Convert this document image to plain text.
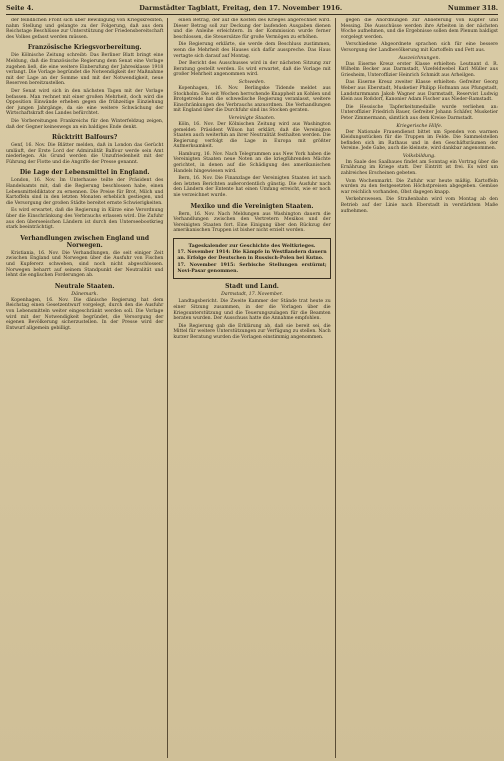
Seite 4.	Darmstädter Tagblatt, Freitag, den 17. November 1916.	Nummer 318.

der feindlichen Front sich über Bewilligung von Kriegskrediten, nahm Stellung und gelangte zu der Folgerung, daß aus dem Reichstage Beschlüsse zur Unterstützung der Friedensbereitschaft des Volkes gefasst werden müssen.

Französische Kriegsvorbereitung.

Die Kölnische Zeitung schreibt: Das Berliner Blatt bringt eine Meldung, daß die französische Regierung dem Senat eine Vorlage zugehen ließ, die eine weitere Einberufung der Jahresklasse 1918 verlangt. Die Vorlage begründet die Notwendigkeit der Maßnahme mit der Lage an der Somme und mit der Notwendigkeit, neue Reserven bereitzustellen.

Der Senat wird sich in den nächsten Tagen mit der Vorlage befassen. Man rechnet mit einer großen Mehrheit, doch wird die Opposition Einwände erheben gegen die frühzeitige Einziehung der jungen Jahrgänge, da sie eine weitere Schwächung der Wirtschaftskraft des Landes befürchtet.

Die Vorbereitungen Frankreichs für den Winterfeldzug zeigen, daß der Gegner keineswegs an ein baldiges Ende denkt.

Rücktritt Balfours?

Genf, 16. Nov. Die Blätter melden, daß in London das Gerücht umläuft, der Erste Lord der Admiralität Balfour werde sein Amt niederlegen. Als Grund werden die Unzufriedenheit mit der Führung der Flotte und die Angriffe der Presse genannt.

Die Lage der Lebensmittel in England.

London, 16. Nov. Im Unterhause teilte der Präsident des Handelsamts mit, daß die Regierung beschlossen habe, einen Lebensmitteldiktator zu ernennen. Die Preise für Brot, Milch und Kartoffeln sind in den letzten Monaten erheblich gestiegen, und die Versorgung der großen Städte bereitet ernste Schwierigkeiten.

Es wird erwartet, daß die Regierung in Kürze eine Verordnung über die Einschränkung des Verbrauchs erlassen wird. Die Zufuhr aus den überseeischen Ländern ist durch den Unterseebootkrieg stark beeinträchtigt.

Verhandlungen zwischen England und Norwegen.

Kristiania, 16. Nov. Die Verhandlungen, die seit einiger Zeit zwischen England und Norwegen über die Ausfuhr von Fischen und Kupfererz schweben, sind noch nicht abgeschlossen. Norwegen beharrt auf seinem Standpunkt der Neutralität und lehnt die englischen Forderungen ab.

Neutrale Staaten.
Dänemark.

Kopenhagen, 16. Nov. Die dänische Regierung hat dem Reichstag einen Gesetzentwurf vorgelegt, durch den die Ausfuhr von Lebensmitteln weiter eingeschränkt werden soll. Die Vorlage wird mit der Notwendigkeit begründet, die Versorgung der eigenen Bevölkerung sicherzustellen. In der Presse wird der Entwurf allgemein gebilligt.

einen Betrag, der auf die Kosten des Krieges angerechnet wird. Dieser Betrag soll zur Deckung der laufenden Ausgaben dienen und die Anleihe erleichtern. In der Kommission wurde ferner beschlossen, die Steuersätze für große Vermögen zu erhöhen.

Die Regierung erklärte, sie werde dem Beschluss zustimmen, wenn die Mehrheit des Hauses sich dafür ausspreche. Das Haus vertagte sich darauf auf Montag.

Der Bericht des Ausschusses wird in der nächsten Sitzung zur Beratung gestellt werden. Es wird erwartet, daß die Vorlage mit großer Mehrheit angenommen wird.

Schweden.

Kopenhagen, 16. Nov. Berlingske Tidende meldet aus Stockholm: Die seit Wochen herrschende Knappheit an Kohlen und Brotgetreide hat die schwedische Regierung veranlasst, weitere Einschränkungen des Verbrauchs anzuordnen. Die Verhandlungen mit England über die Durchfuhr sind ins Stocken geraten.

Vereinigte Staaten.

Köln, 16. Nov. Der Kölnischen Zeitung wird aus Washington gemeldet: Präsident Wilson hat erklärt, daß die Vereinigten Staaten auch weiterhin an ihrer Neutralität festhalten werden. Die Regierung verfolgt die Lage in Europa mit größter Aufmerksamkeit.

Hamburg, 16. Nov. Nach Telegrammen aus New York haben die Vereinigten Staaten neue Noten an die kriegführenden Mächte gerichtet, in denen auf die Schädigung des amerikanischen Handels hingewiesen wird.

Bern, 16. Nov. Die Finanzlage der Vereinigten Staaten ist nach den letzten Berichten außerordentlich günstig. Die Ausfuhr nach den Ländern der Entente hat einen Umfang erreicht, wie er noch nie verzeichnet wurde.

Mexiko und die Vereinigten Staaten.

Bern, 16. Nov. Nach Meldungen aus Washington dauern die Verhandlungen zwischen den Vertretern Mexikos und der Vereinigten Staaten fort. Eine Einigung über den Rückzug der amerikanischen Truppen ist bisher nicht erzielt worden.

Tageskalender zur Geschichte des Weltkrieges.

17. November 1914: Die Kämpfe in Westflandern dauern an. Erfolge der Deutschen in Russisch-Polen bei Kutno.

17. November 1915: Serbische Stellungen erstürmt; Novi-Pasar genommen.

Stadt und Land.
Darmstadt, 17. November.

Landtagsbericht. Die Zweite Kammer der Stände trat heute zu einer Sitzung zusammen, in der die Vorlagen über die Kriegsunterstützung und die Teuerungszulagen für die Beamten beraten wurden. Der Ausschuss hatte die Annahme empfohlen.

Die Regierung gab die Erklärung ab, daß sie bereit sei, die Mittel für weitere Unterstützungen zur Verfügung zu stellen. Nach kurzer Beratung wurden die Vorlagen einstimmig angenommen.

gegen die Anordnungen zur Ablieferung von Kupfer und Messing. Die Ausschüsse werden ihre Arbeiten in der nächsten Woche aufnehmen, und die Ergebnisse sollen dem Plenum baldigst vorgelegt werden.

Verschiedene Abgeordnete sprachen sich für eine bessere Versorgung der Landbevölkerung mit Kartoffeln und Fett aus.

Auszeichnungen.

Das Eiserne Kreuz erster Klasse erhielten: Leutnant d. R. Wilhelm Becker aus Darmstadt, Vizefeldwebel Karl Müller aus Griesheim, Unteroffizier Heinrich Schmidt aus Arheilgen.

Das Eiserne Kreuz zweiter Klasse erhielten: Gefreiter Georg Weber aus Eberstadt, Musketier Philipp Hofmann aus Pfungstadt, Landsturmmann Jakob Wagner aus Darmstadt, Reservist Ludwig Klein aus Roßdorf, Kanonier Adam Fischer aus Nieder-Ramstadt.

Die Hessische Tapferkeitsmedaille wurde verliehen an: Unteroffizier Friedrich Bauer, Gefreiter Johann Schäfer, Musketier Peter Zimmermann, sämtlich aus dem Kreise Darmstadt.

Kriegerische Hilfe.

Der Nationale Frauendienst bittet um Spenden von warmen Kleidungsstücken für die Truppen im Felde. Die Sammelstellen befinden sich im Rathaus und in den Geschäftsräumen der Vereine. Jede Gabe, auch die kleinste, wird dankbar angenommen.

Volksbildung.

Im Saale des Saalbaues findet am Sonntag ein Vortrag über die Ernährung im Kriege statt. Der Eintritt ist frei. Es wird um zahlreiches Erscheinen gebeten.

Vom Wochenmarkt. Die Zufuhr war heute mäßig. Kartoffeln wurden zu den festgesetzten Höchstpreisen abgegeben. Gemüse war reichlich vorhanden, Obst dagegen knapp.

Verkehrswesen. Die Straßenbahn wird vom Montag ab den Betrieb auf der Linie nach Eberstadt in verstärktem Maße aufnehmen.
